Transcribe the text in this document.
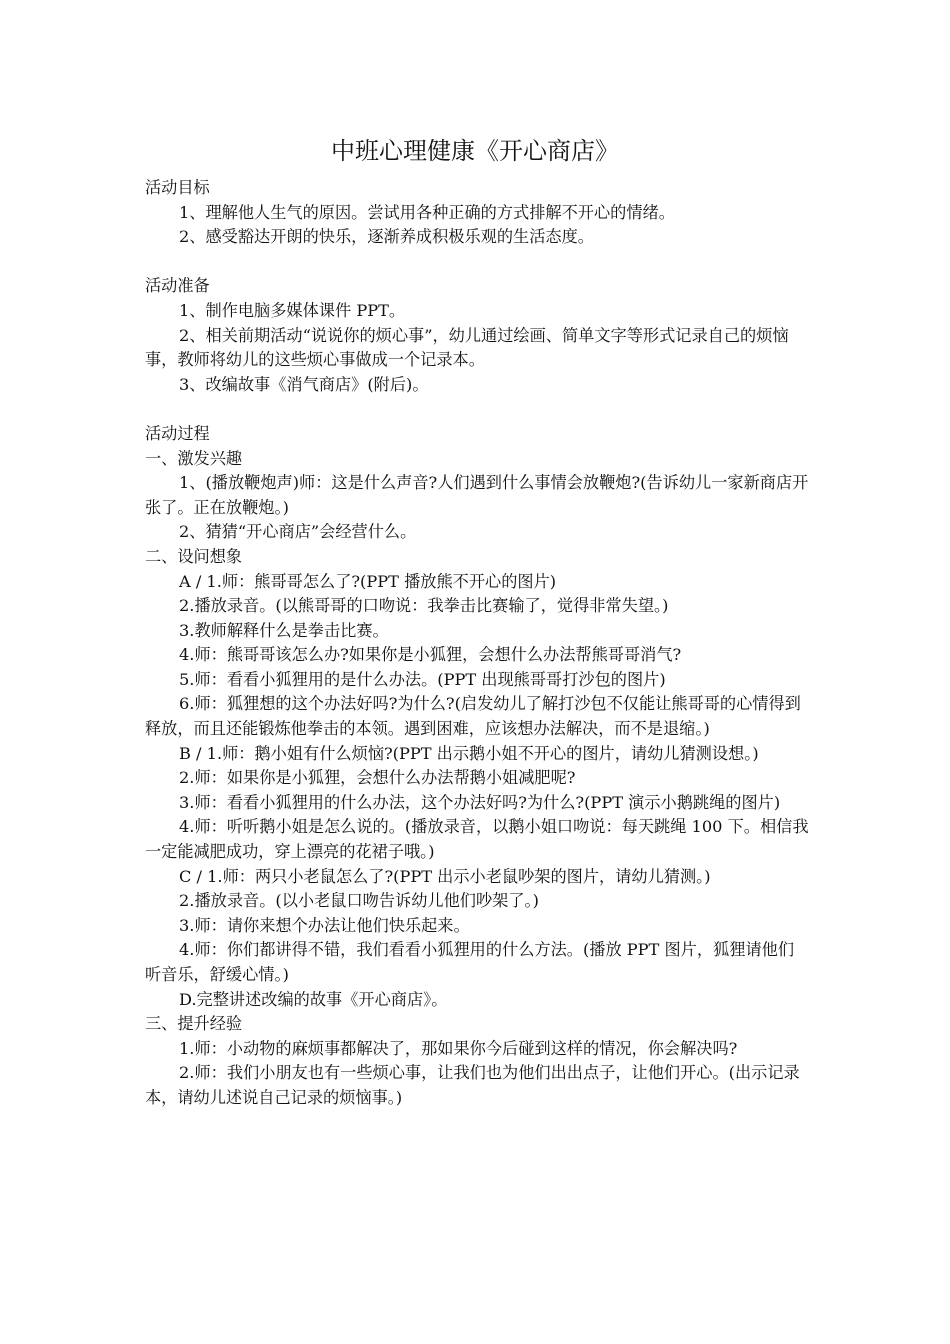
中班心理健康《开心商店》

活动目标

1、理解他人生气的原因。尝试用各种正确的方式排解不开心的情绪。

2、感受豁达开朗的快乐，逐渐养成积极乐观的生活态度。

活动准备

1、制作电脑多媒体课件 PPT。

2、相关前期活动“说说你的烦心事”，幼儿通过绘画、简单文字等形式记录自己的烦恼事，教师将幼儿的这些烦心事做成一个记录本。

3、改编故事《消气商店》(附后)。

活动过程

一、激发兴趣

1、(播放鞭炮声)师：这是什么声音?人们遇到什么事情会放鞭炮?(告诉幼儿一家新商店开张了。正在放鞭炮。)

2、猜猜“开心商店”会经营什么。

二、设问想象

A / 1.师：熊哥哥怎么了?(PPT 播放熊不开心的图片)

2.播放录音。(以熊哥哥的口吻说：我拳击比赛输了，觉得非常失望。)

3.教师解释什么是拳击比赛。

4.师：熊哥哥该怎么办?如果你是小狐狸，会想什么办法帮熊哥哥消气?

5.师：看看小狐狸用的是什么办法。(PPT 出现熊哥哥打沙包的图片)

6.师：狐狸想的这个办法好吗?为什么?(启发幼儿了解打沙包不仅能让熊哥哥的心情得到释放，而且还能锻炼他拳击的本领。遇到困难，应该想办法解决，而不是退缩。)

B / 1.师：鹅小姐有什么烦恼?(PPT 出示鹅小姐不开心的图片，请幼儿猜测设想。)

2.师：如果你是小狐狸，会想什么办法帮鹅小姐减肥呢?

3.师：看看小狐狸用的什么办法，这个办法好吗?为什么?(PPT 演示小鹅跳绳的图片)

4.师：听听鹅小姐是怎么说的。(播放录音，以鹅小姐口吻说：每天跳绳 100 下。相信我一定能减肥成功，穿上漂亮的花裙子哦。)

C / 1.师：两只小老鼠怎么了?(PPT 出示小老鼠吵架的图片，请幼儿猜测。)

2.播放录音。(以小老鼠口吻告诉幼儿他们吵架了。)

3.师：请你来想个办法让他们快乐起来。

4.师：你们都讲得不错，我们看看小狐狸用的什么方法。(播放 PPT 图片，狐狸请他们听音乐，舒缓心情。)

D.完整讲述改编的故事《开心商店》。

三、提升经验

1.师：小动物的麻烦事都解决了，那如果你今后碰到这样的情况，你会解决吗?

2.师：我们小朋友也有一些烦心事，让我们也为他们出出点子，让他们开心。(出示记录本，请幼儿述说自己记录的烦恼事。)
